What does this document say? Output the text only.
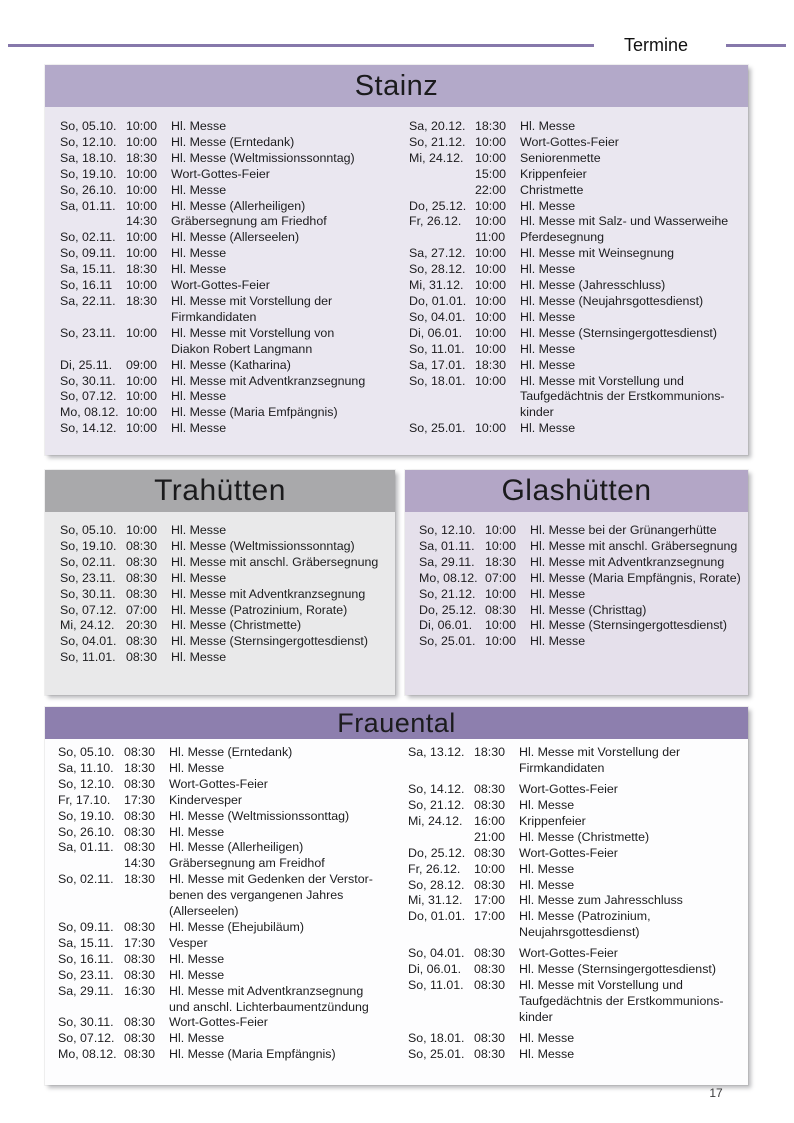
Termine
Stainz
So, 05.10. 10:00	Hl. Messe
So, 12.10. 10:00	Hl. Messe (Erntedank)
Sa, 18.10. 18:30	Hl. Messe (Weltmissionssonntag)
So, 19.10. 10:00	Wort-Gottes-Feier
So, 26.10. 10:00	Hl. Messe
Sa, 01.11. 10:00	Hl. Messe (Allerheiligen)
14:30	Gräbersegnung am Friedhof
So, 02.11. 10:00	Hl. Messe (Allerseelen)
So, 09.11. 10:00	Hl. Messe
Sa, 15.11. 18:30	Hl. Messe
So, 16.11	10:00	Wort-Gottes-Feier
Sa, 22.11. 18:30	Hl. Messe mit Vorstellung der
Firmkandidaten
So, 23.11. 10:00	Hl. Messe mit Vorstellung von
Diakon Robert Langmann
Di, 25.11.	09:00	Hl. Messe (Katharina)
So, 30.11. 10:00	Hl. Messe mit Adventkranzsegnung
So, 07.12. 10:00	Hl. Messe
Mo, 08.12. 10:00	Hl. Messe (Maria Emfpängnis)
So, 14.12. 10:00	Hl. Messe
Sa, 20.12. 18:30	Hl. Messe
So, 21.12. 10:00	Wort-Gottes-Feier
Mi, 24.12. 10:00	Seniorenmette
15:00	Krippenfeier
22:00	Christmette
Do, 25.12. 10:00	Hl. Messe
Fr, 26.12.	10:00	Hl. Messe mit Salz- und Wasserweihe
11:00	Pferdesegnung
Sa, 27.12. 10:00	Hl. Messe mit Weinsegnung
So, 28.12. 10:00	Hl. Messe
Mi, 31.12. 10:00	Hl. Messe (Jahresschluss)
Do, 01.01. 10:00	Hl. Messe (Neujahrsgottesdienst)
So, 04.01. 10:00	Hl. Messe
Di, 06.01.	10:00	Hl. Messe (Sternsingergottesdienst)
So, 11.01. 10:00	Hl. Messe
Sa, 17.01. 18:30	Hl. Messe
So, 18.01. 10:00	Hl. Messe mit Vorstellung und
Taufgedächtnis der Erstkommunions-
kinder
So, 25.01. 10:00	Hl. Messe
Trahütten
So, 05.10. 10:00	Hl. Messe
So, 19.10. 08:30	Hl. Messe (Weltmissionssonntag)
So, 02.11. 08:30	Hl. Messe mit anschl. Gräbersegnung
So, 23.11. 08:30	Hl. Messe
So, 30.11. 08:30	Hl. Messe mit Adventkranzsegnung
So, 07.12. 07:00	Hl. Messe (Patrozinium, Rorate)
Mi, 24.12. 20:30	Hl. Messe (Christmette)
So, 04.01. 08:30	Hl. Messe (Sternsingergottesdienst)
So, 11.01. 08:30	Hl. Messe
Glashütten
So, 12.10. 10:00	Hl. Messe bei der Grünangerhütte
Sa, 01.11. 10:00	Hl. Messe mit anschl. Gräbersegnung
Sa, 29.11. 18:30	Hl. Messe mit Adventkranzsegnung
Mo, 08.12. 07:00	Hl. Messe (Maria Empfängnis, Rorate)
So, 21.12. 10:00	Hl. Messe
Do, 25.12. 08:30	Hl. Messe (Christtag)
Di, 06.01.	10:00	Hl. Messe (Sternsingergottesdienst)
So, 25.01. 10:00	Hl. Messe
Frauental
So, 05.10. 08:30	Hl. Messe (Erntedank)
Sa, 11.10. 18:30	Hl. Messe
So, 12.10. 08:30	Wort-Gottes-Feier
Fr, 17.10.	17:30	Kindervesper
So, 19.10. 08:30	Hl. Messe (Weltmissionssonttag)
So, 26.10. 08:30	Hl. Messe
Sa, 01.11. 08:30	Hl. Messe (Allerheiligen)
14:30	Gräbersegnung am Freidhof
So, 02.11. 18:30	Hl. Messe mit Gedenken der Verstor-
benen des vergangenen Jahres
(Allerseelen)
So, 09.11. 08:30	Hl. Messe (Ehejubiläum)
Sa, 15.11. 17:30	Vesper
So, 16.11. 08:30	Hl. Messe
So, 23.11. 08:30	Hl. Messe
Sa, 29.11. 16:30	Hl. Messe mit Adventkranzsegnung
und anschl. Lichterbaumentzündung
So, 30.11. 08:30	Wort-Gottes-Feier
So, 07.12. 08:30	Hl. Messe
Mo, 08.12. 08:30	Hl. Messe (Maria Empfängnis)
Sa, 13.12. 18:30	Hl. Messe mit Vorstellung der
Firmkandidaten
So, 14.12. 08:30	Wort-Gottes-Feier
So, 21.12. 08:30	Hl. Messe
Mi, 24.12. 16:00	Krippenfeier
21:00	Hl. Messe (Christmette)
Do, 25.12. 08:30	Wort-Gottes-Feier
Fr, 26.12.	10:00	Hl. Messe
So, 28.12. 08:30	Hl. Messe
Mi, 31.12. 17:00	Hl. Messe zum Jahresschluss
Do, 01.01. 17:00	Hl. Messe (Patrozinium,
Neujahrsgottesdienst)
So, 04.01. 08:30	Wort-Gottes-Feier
Di, 06.01.	08:30	Hl. Messe (Sternsingergottesdienst)
So, 11.01. 08:30	Hl. Messe mit Vorstellung und
Taufgedächtnis der Erstkommunions-
kinder
So, 18.01. 08:30	Hl. Messe
So, 25.01. 08:30	Hl. Messe
17
